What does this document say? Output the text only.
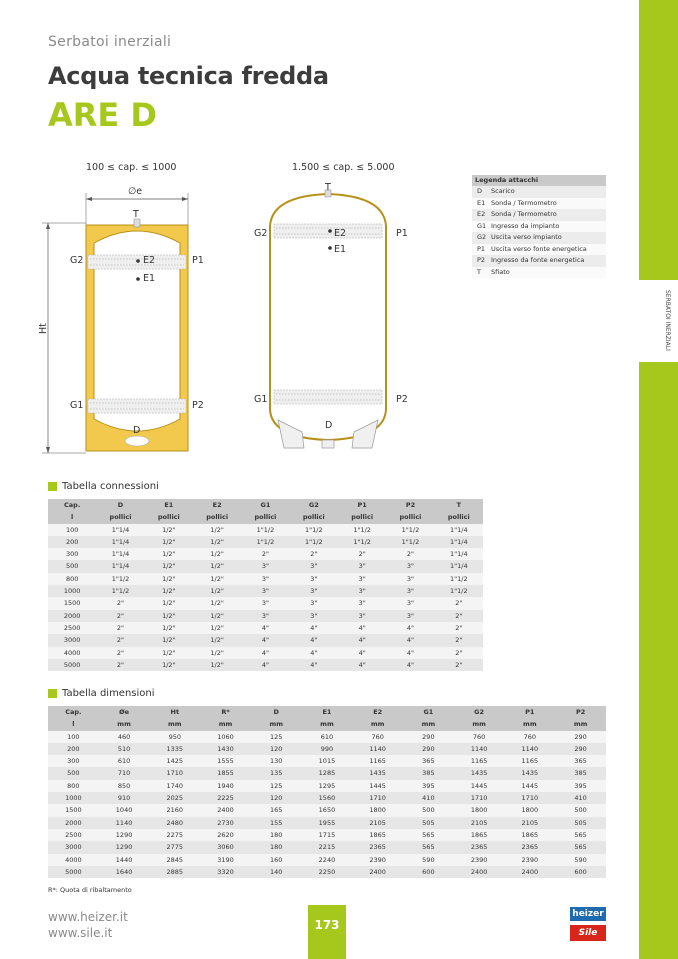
Serbatoi inerziali
Acqua tecnica fredda
ARE D
SERBATOI INERZIALI
100 ≤ cap. ≤ 1000	1.500 ≤ cap. ≤ 5.000
∅e
T
G2	E2	P1
E1
G1	P2
D
Ht
T
G2	E2	P1
E1
G1	P2
D
Legenda attacchi
D	Scarico
E1 Sonda / Termometro
E2 Sonda / Termometro
G1 Ingresso da impianto
G2 Uscita verso impianto
P1 Uscita verso fonte energetica
P2 Ingresso da fonte energetica
T	Sfiato
Tabella connessioni
Cap.	D	E1	E2	G1	G2	P1	P2	T
l	pollici	pollici	pollici	pollici	pollici	pollici	pollici	pollici
100	1"1/4	1/2"	1/2"	1"1/2	1"1/2	1"1/2	1"1/2	1"1/4
200	1"1/4	1/2"	1/2"	1"1/2	1"1/2	1"1/2	1"1/2	1"1/4
300	1"1/4	1/2"	1/2"	2"	2"	2"	2"	1"1/4
500	1"1/4	1/2"	1/2"	3"	3"	3"	3"	1"1/4
800	1"1/2	1/2"	1/2"	3"	3"	3"	3"	1"1/2
1000	1"1/2	1/2"	1/2"	3"	3"	3"	3"	1"1/2
1500	2"	1/2"	1/2"	3"	3"	3"	3"	2"
2000	2"	1/2"	1/2"	3"	3"	3"	3"	2"
2500	2"	1/2"	1/2"	4"	4"	4"	4"	2"
3000	2"	1/2"	1/2"	4"	4"	4"	4"	2"
4000	2"	1/2"	1/2"	4"	4"	4"	4"	2"
5000	2"	1/2"	1/2"	4"	4"	4"	4"	2"
Tabella dimensioni
Cap.	Øe	Ht	R*	D	E1	E2	G1	G2	P1	P2
l	mm	mm	mm	mm	mm	mm	mm	mm	mm	mm
100	460	950	1060	125	610	760	290	760	760	290
200	510	1335	1430	120	990	1140	290	1140	1140	290
300	610	1425	1555	130	1015	1165	365	1165	1165	365
500	710	1710	1855	135	1285	1435	385	1435	1435	385
800	850	1740	1940	125	1295	1445	395	1445	1445	395
1000	910	2025	2225	120	1560	1710	410	1710	1710	410
1500	1040	2160	2400	165	1650	1800	500	1800	1800	500
2000	1140	2480	2730	155	1955	2105	505	2105	2105	505
2500	1290	2275	2620	180	1715	1865	565	1865	1865	565
3000	1290	2775	3060	180	2215	2365	565	2365	2365	565
4000	1440	2845	3190	160	2240	2390	590	2390	2390	590
5000	1640	2885	3320	140	2250	2400	600	2400	2400	600
R*: Quota di ribaltamento
www.heizer.it
www.sile.it
173
heizer
Sile
